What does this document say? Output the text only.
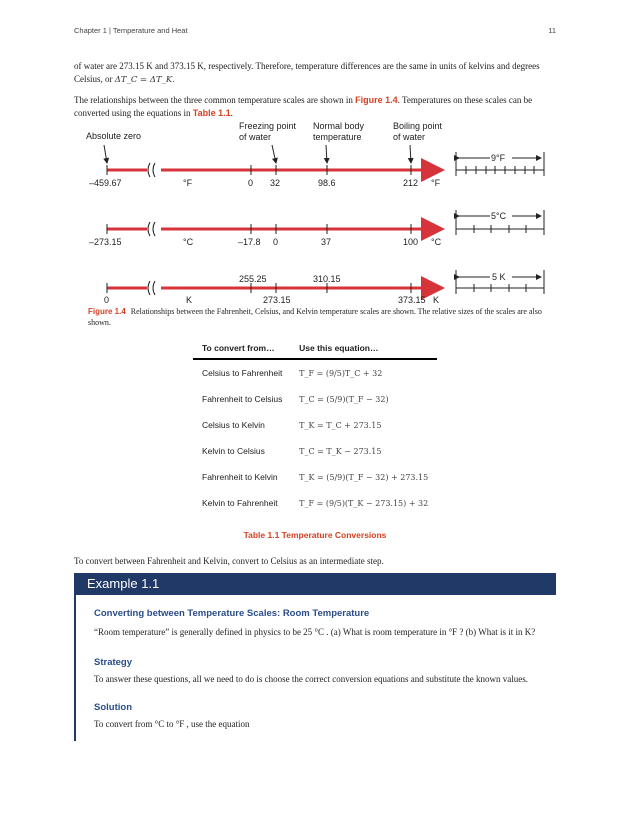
Chapter 1 | Temperature and Heat	11

of water are 273.15 K and 373.15 K, respectively. Therefore, temperature differences are the same in units of kelvins and degrees Celsius, or ΔT_C = ΔT_K.

The relationships between the three common temperature scales are shown in Figure 1.4. Temperatures on these scales can be converted using the equations in Table 1.1.

Absolute zero
Freezing point
of water
Normal body
temperature
Boiling point
of water
–459.67	°F	0 32	98.6	212 °F
9°F
–273.15	°C	–17.8 0	37	100 °C
5°C
255.25	310.15
0	K	273.15	373.15 K
5 K
Figure 1.4 Relationships between the Fahrenheit, Celsius, and Kelvin temperature scales are shown. The relative sizes of the scales are also shown.
To convert from…	Use this equation…
Celsius to Fahrenheit	T_F = (9/5)T_C + 32
Fahrenheit to Celsius	T_C = (5/9)(T_F − 32)
Celsius to Kelvin	T_K = T_C + 273.15
Kelvin to Celsius	T_C = T_K − 273.15
Fahrenheit to Kelvin	T_K = (5/9)(T_F − 32) + 273.15
Kelvin to Fahrenheit	T_F = (9/5)(T_K − 273.15) + 32
Table 1.1 Temperature Conversions

To convert between Fahrenheit and Kelvin, convert to Celsius as an intermediate step.

Example 1.1
Converting between Temperature Scales: Room Temperature
“Room temperature” is generally defined in physics to be 25 °C . (a) What is room temperature in °F ? (b) What is it in K?
Strategy
To answer these questions, all we need to do is choose the correct conversion equations and substitute the known values.
Solution
To convert from °C to °F , use the equation
